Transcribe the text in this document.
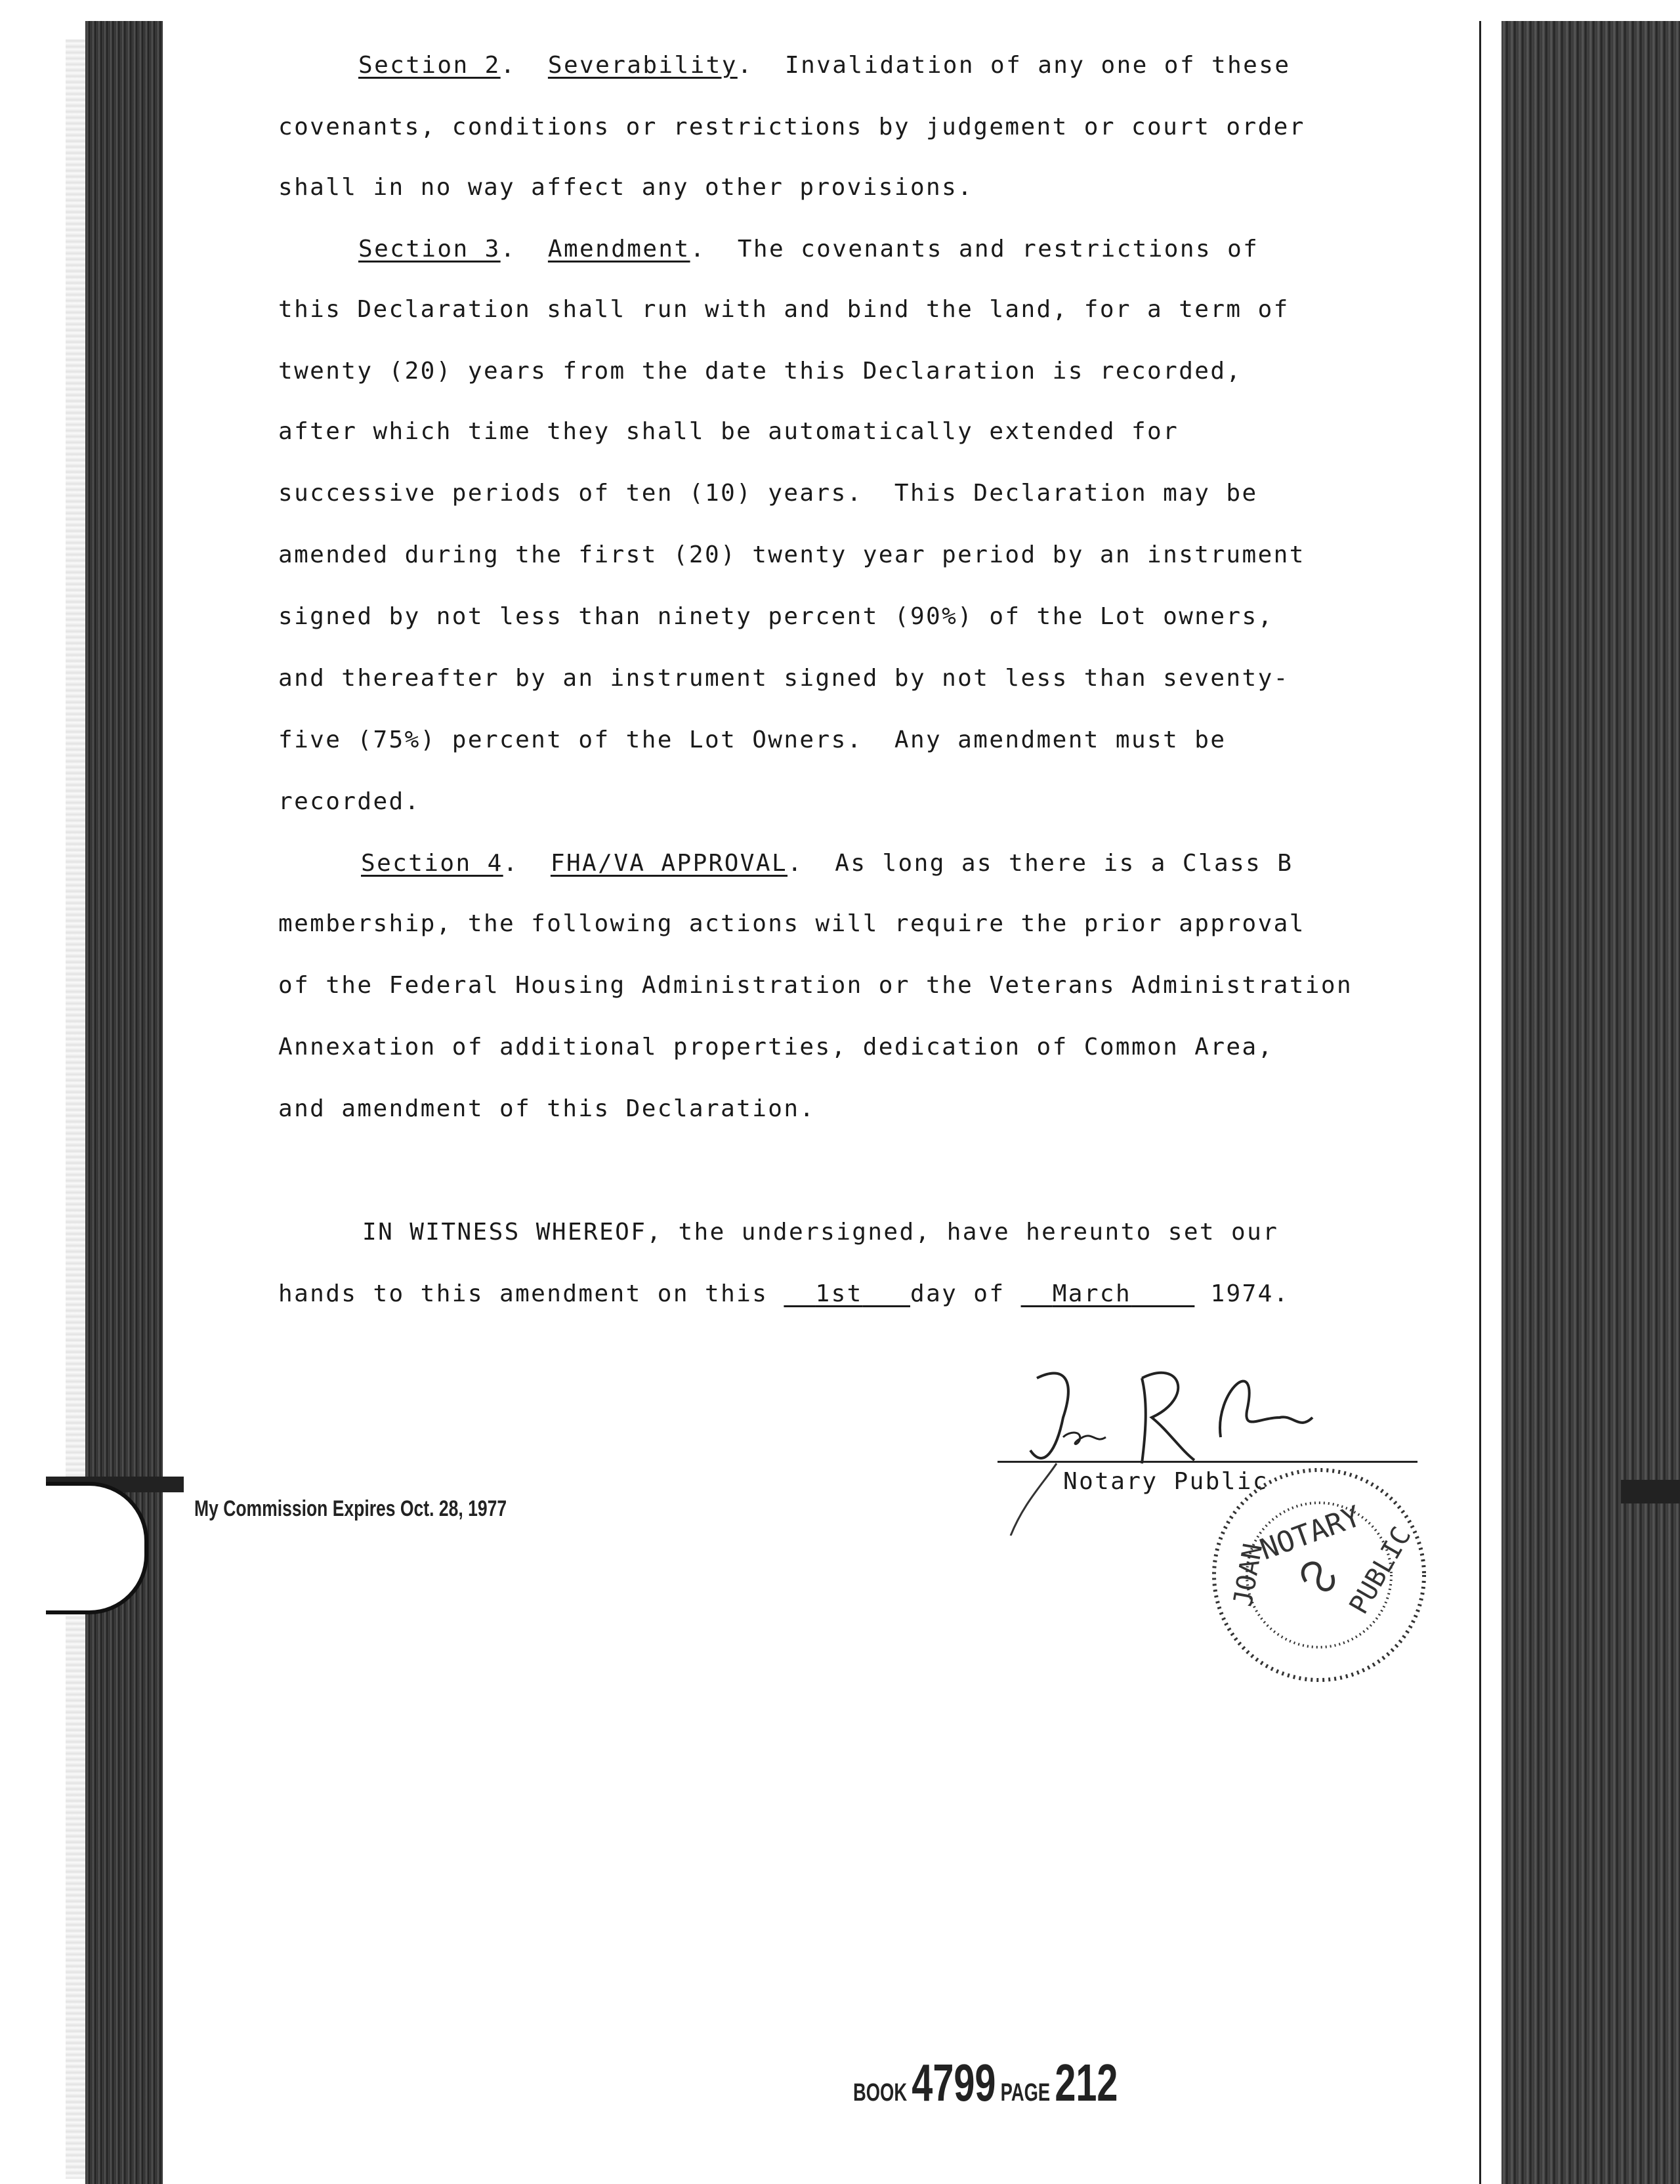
Section 2.  Severability.  Invalidation of any one of these
covenants, conditions or restrictions by judgement or court order
shall in no way affect any other provisions.
Section 3.  Amendment.  The covenants and restrictions of
this Declaration shall run with and bind the land, for a term of
twenty (20) years from the date this Declaration is recorded,
after which time they shall be automatically extended for
successive periods of ten (10) years.  This Declaration may be
amended during the first (20) twenty year period by an instrument
signed by not less than ninety percent (90%) of the Lot owners,
and thereafter by an instrument signed by not less than seventy-
five (75%) percent of the Lot Owners.  Any amendment must be
recorded.
Section 4.  FHA/VA APPROVAL.  As long as there is a Class B
membership, the following actions will require the prior approval
of the Federal Housing Administration or the Veterans Administration
Annexation of additional properties, dedication of Common Area,
and amendment of this Declaration.
IN WITNESS WHEREOF, the undersigned, have hereunto set our
hands to this amendment on this 1st day of March	1974.
Notary Public
NOTARY
JOAN	PUBLIC
My Commission Expires Oct. 28, 1977
BOOK 4799 PAGE 212
